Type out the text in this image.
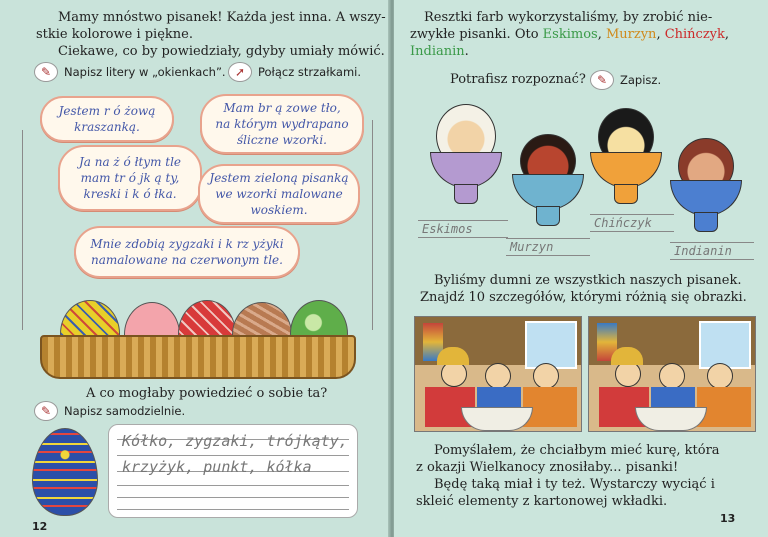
Mamy mnóstwo pisanek! Każda jest inna. A wszy-
stkie kolorowe i piękne.
Ciekawe, co by powiedziały, gdyby umiały mówić.
✎	Napisz litery w „okienkach”. ➚	Połącz strzałkami.
Jestem r ó żową
kraszanką.
Mam br ą zowe tło,
na którym wydrapano
śliczne wzorki.
Ja na ż ó łtym tle
mam tr ó jk ą ty,
kreski i k ó łka.
Jestem zieloną pisanką
we wzorki malowane
woskiem.
Mnie zdobią zygzaki i k rz yżyki
namalowane na czerwonym tle.
A co mogłaby powiedzieć o sobie ta?
✎	Napisz samodzielnie.
Kółko, zygzaki, trójkąty,
krzyżyk, punkt, kółka
12
Resztki farb wykorzystaliśmy, by zrobić nie-
zwykłe pisanki. Oto Eskimos, Murzyn, Chińczyk,
Indianin.
Potrafisz rozpoznać? ✎	Zapisz.
Eskimos
Murzyn
Chińczyk
Indianin
Byliśmy dumni ze wszystkich naszych pisanek.
Znajdź 10 szczegółów, którymi różnią się obrazki.
Pomyślałem, że chciałbym mieć kurę, która
z okazji Wielkanocy znosiłaby... pisanki!
Będę taką miał i ty też. Wystarczy wyciąć i
skleić elementy z kartonowej wkładki.
13
